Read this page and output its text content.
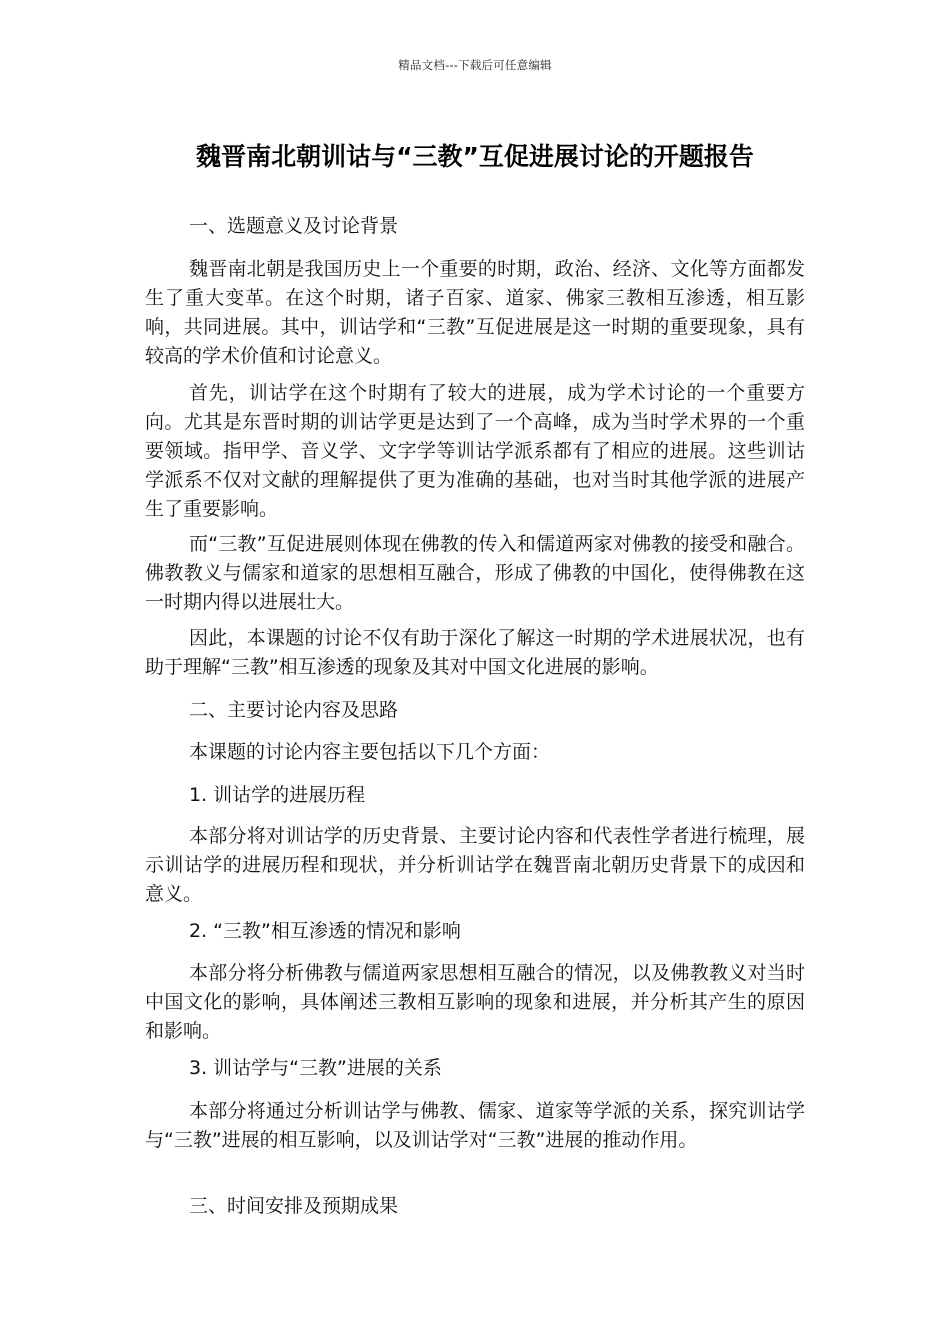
精品文档---下载后可任意编辑
魏晋南北朝训诂与“三教”互促进展讨论的开题报告

一、选题意义及讨论背景

魏晋南北朝是我国历史上一个重要的时期，政治、经济、文化等方面都发生了重大变革。在这个时期，诸子百家、道家、佛家三教相互渗透，相互影响，共同进展。其中，训诂学和“三教”互促进展是这一时期的重要现象，具有较高的学术价值和讨论意义。

首先，训诂学在这个时期有了较大的进展，成为学术讨论的一个重要方向。尤其是东晋时期的训诂学更是达到了一个高峰，成为当时学术界的一个重要领域。指甲学、音义学、文字学等训诂学派系都有了相应的进展。这些训诂学派系不仅对文献的理解提供了更为准确的基础，也对当时其他学派的进展产生了重要影响。

而“三教”互促进展则体现在佛教的传入和儒道两家对佛教的接受和融合。佛教教义与儒家和道家的思想相互融合，形成了佛教的中国化，使得佛教在这一时期内得以进展壮大。

因此，本课题的讨论不仅有助于深化了解这一时期的学术进展状况，也有助于理解“三教”相互渗透的现象及其对中国文化进展的影响。

二、主要讨论内容及思路

本课题的讨论内容主要包括以下几个方面：

1. 训诂学的进展历程

本部分将对训诂学的历史背景、主要讨论内容和代表性学者进行梳理，展示训诂学的进展历程和现状，并分析训诂学在魏晋南北朝历史背景下的成因和意义。

2. “三教”相互渗透的情况和影响

本部分将分析佛教与儒道两家思想相互融合的情况，以及佛教教义对当时中国文化的影响，具体阐述三教相互影响的现象和进展，并分析其产生的原因和影响。

3. 训诂学与“三教”进展的关系

本部分将通过分析训诂学与佛教、儒家、道家等学派的关系，探究训诂学与“三教”进展的相互影响，以及训诂学对“三教”进展的推动作用。

三、时间安排及预期成果
